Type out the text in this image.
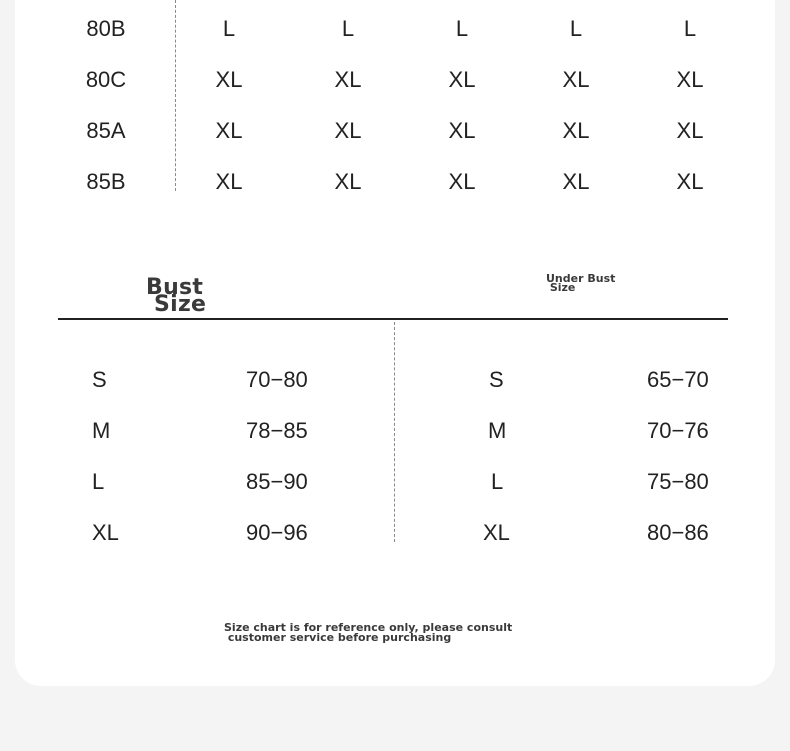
80B	L	L	L	L	L
80C	XL	XL	XL	XL	XL
85A	XL	XL	XL	XL	XL
85B	XL	XL	XL	XL	XL
Bust
Size
Under Bust
Size
S	70−80	S	65−70
M	78−85	M	70−76
L	85−90	L	75−80
XL	90−96	XL	80−86
Size chart is for reference only, please consult
customer service before purchasing
